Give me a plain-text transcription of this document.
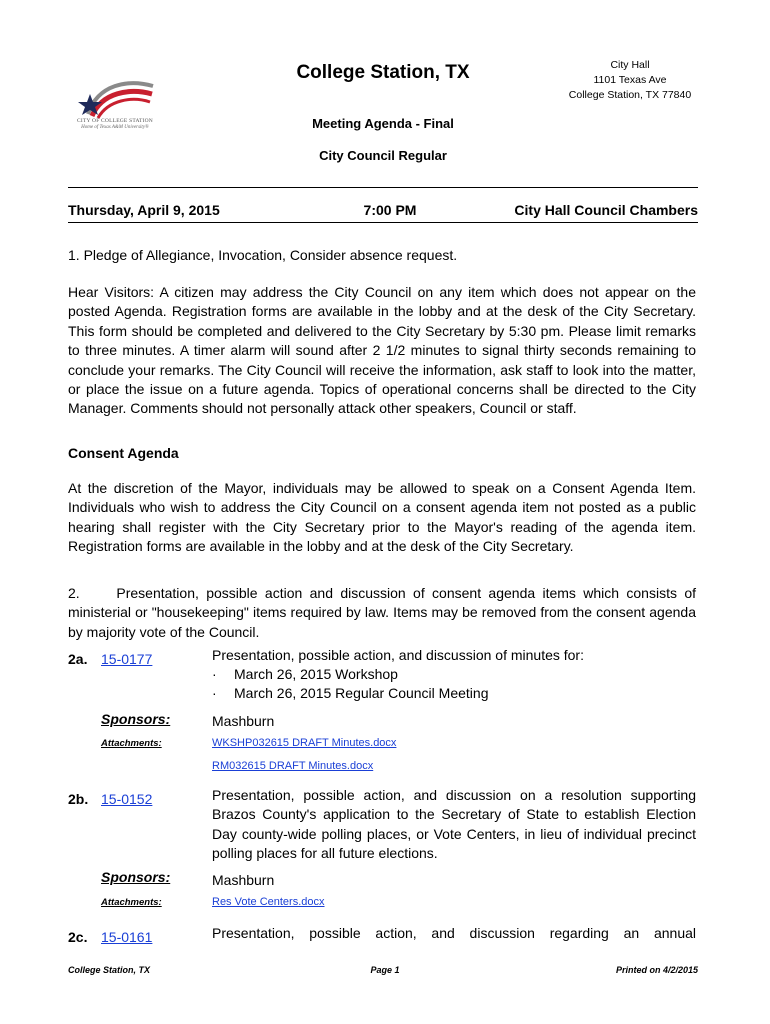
CITY OF COLLEGE STATION
Home of Texas A&M University®
College Station, TX	City Hall
1101 Texas Ave
College Station, TX 77840
Meeting Agenda - Final
City Council Regular
Thursday, April 9, 2015	7:00 PM	City Hall Council Chambers
1. Pledge of Allegiance, Invocation, Consider absence request.
Hear Visitors: A citizen may address the City Council on any item which does not appear on the posted Agenda. Registration forms are available in the lobby and at the desk of the City Secretary. This form should be completed and delivered to the City Secretary by 5:30 pm. Please limit remarks to three minutes. A timer alarm will sound after 2 1/2 minutes to signal thirty seconds remaining to conclude your remarks. The City Council will receive the information, ask staff to look into the matter, or place the issue on a future agenda. Topics of operational concerns shall be directed to the City Manager. Comments should not personally attack other speakers, Council or staff.
Consent Agenda
At the discretion of the Mayor, individuals may be allowed to speak on a Consent Agenda Item. Individuals who wish to address the City Council on a consent agenda item not posted as a public hearing shall register with the City Secretary prior to the Mayor's reading of the agenda item. Registration forms are available in the lobby and at the desk of the City Secretary.
2.     Presentation, possible action and discussion of consent agenda items which consists of ministerial or "housekeeping" items required by law. Items may be removed from the consent agenda by majority vote of the Council.
2a. 15-0177	Presentation, possible action, and discussion of minutes for:
·	March 26, 2015 Workshop
·	March 26, 2015 Regular Council Meeting
Sponsors:	Mashburn
Attachments:	WKSHP032615 DRAFT Minutes.docx
RM032615 DRAFT Minutes.docx
2b. 15-0152	Presentation, possible action, and discussion on a resolution supporting Brazos County's application to the Secretary of State to establish Election Day county-wide polling places, or Vote Centers, in lieu of individual precinct polling places for all future elections.
Sponsors:	Mashburn
Attachments:	Res Vote Centers.docx
2c. 15-0161	Presentation, possible action, and discussion regarding an annual
College Station, TX	Page 1	Printed on 4/2/2015
